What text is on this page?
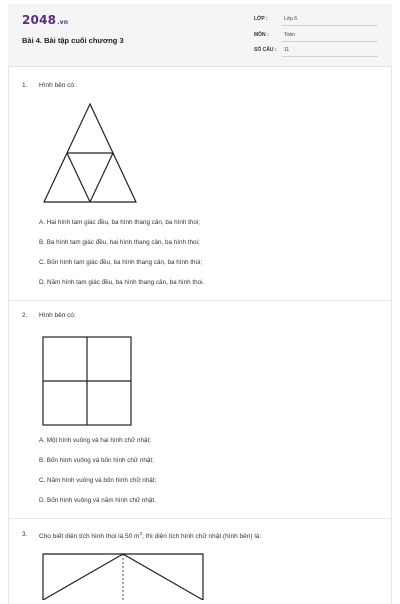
2048.vn
Bài 4. Bài tập cuối chương 3
LỚP :	Lớp 6
MÔN :	Toán
SỐ CÂU : 11
1. Hình bên có:
A. Hai hình tam giác đều, ba hình thang cân, ba hình thoi;
B. Ba hình tam giác đều, hai hình thang cân, ba hình thoi;
C. Bốn hình tam giác đều, ba hình thang cân, ba hình thoi;
D. Năm hình tam giác đều, ba hình thang cân, ba hình thoi.
2. Hình bên có:
A. Một hình vuông và hai hình chữ nhật;
B. Bốn hình vuông và bốn hình chữ nhật;
C. Năm hình vuông và bốn hình chữ nhật;
D. Bốn hình vuông và năm hình chữ nhật.
3. Cho biết diện tích hình thoi là 50 $m^2$, thì diện tích hình chữ nhật (hình bên) là:
